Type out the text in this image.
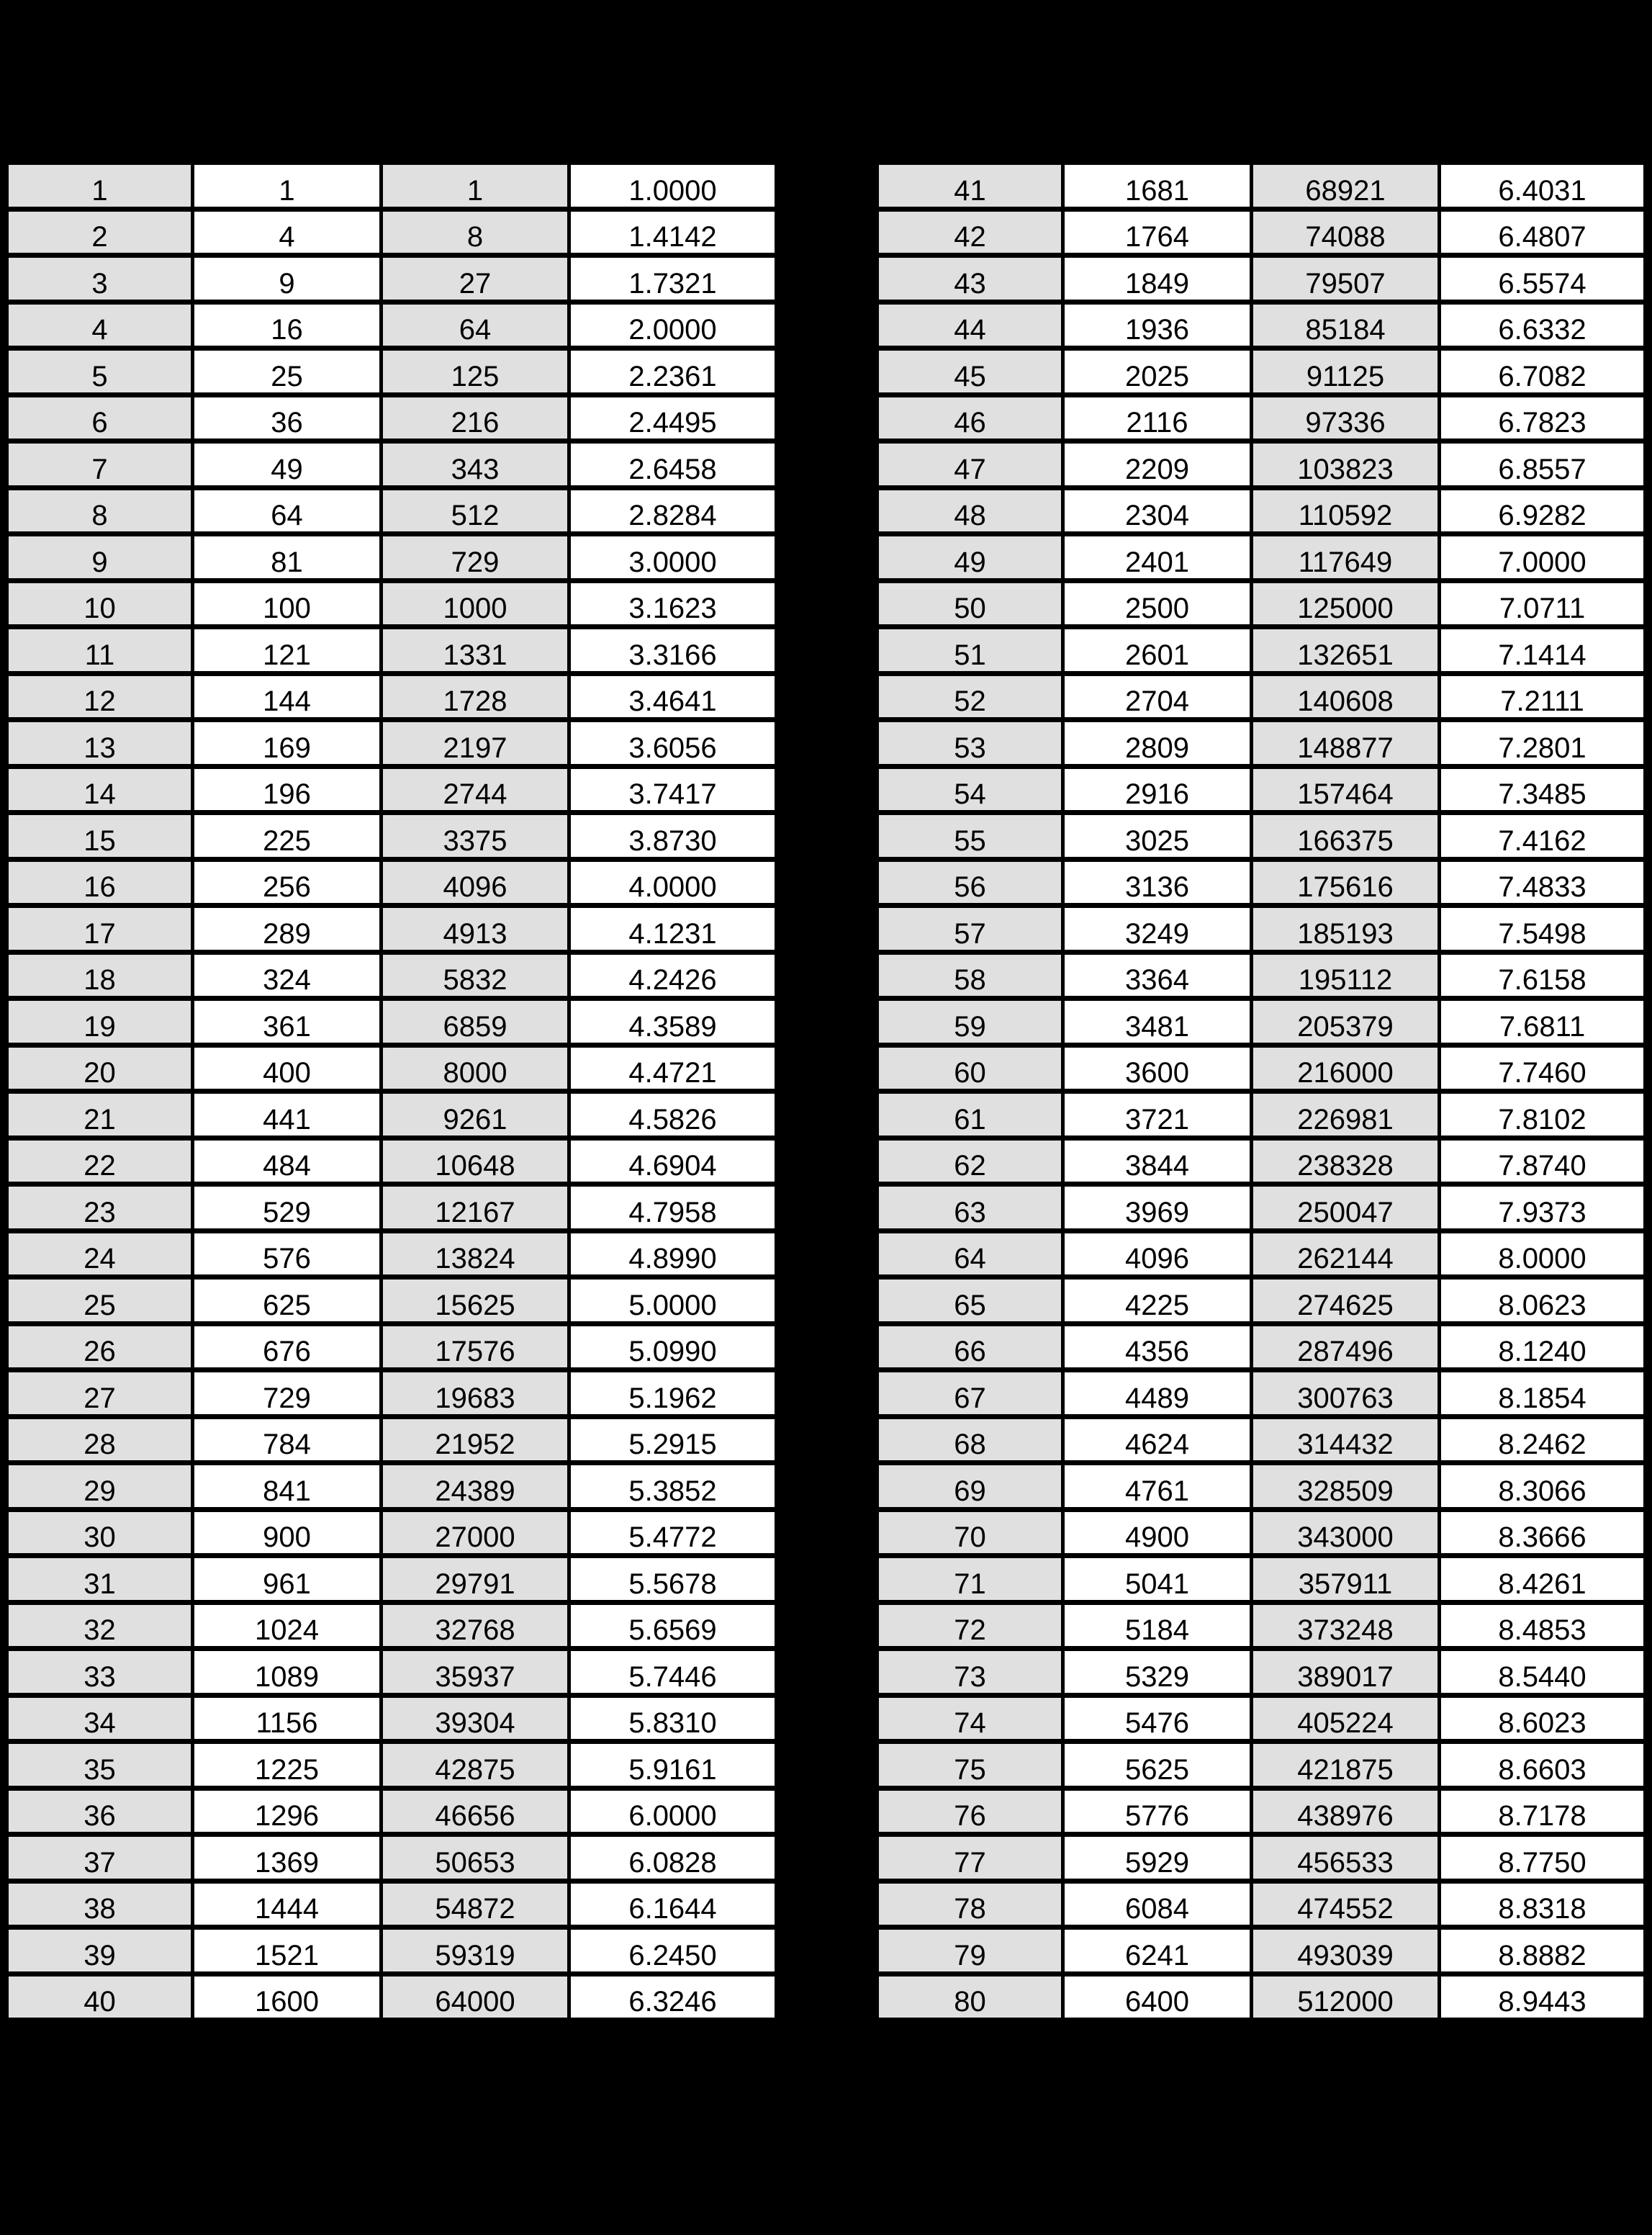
1	1	1	1.0000
2	4	8	1.4142
3	9	27	1.7321
4	16	64	2.0000
5	25	125	2.2361
6	36	216	2.4495
7	49	343	2.6458
8	64	512	2.8284
9	81	729	3.0000
10	100	1000	3.1623
11	121	1331	3.3166
12	144	1728	3.4641
13	169	2197	3.6056
14	196	2744	3.7417
15	225	3375	3.8730
16	256	4096	4.0000
17	289	4913	4.1231
18	324	5832	4.2426
19	361	6859	4.3589
20	400	8000	4.4721
21	441	9261	4.5826
22	484	10648	4.6904
23	529	12167	4.7958
24	576	13824	4.8990
25	625	15625	5.0000
26	676	17576	5.0990
27	729	19683	5.1962
28	784	21952	5.2915
29	841	24389	5.3852
30	900	27000	5.4772
31	961	29791	5.5678
32	1024	32768	5.6569
33	1089	35937	5.7446
34	1156	39304	5.8310
35	1225	42875	5.9161
36	1296	46656	6.0000
37	1369	50653	6.0828
38	1444	54872	6.1644
39	1521	59319	6.2450
40	1600	64000	6.3246
41	1681	68921	6.4031
42	1764	74088	6.4807
43	1849	79507	6.5574
44	1936	85184	6.6332
45	2025	91125	6.7082
46	2116	97336	6.7823
47	2209	103823	6.8557
48	2304	110592	6.9282
49	2401	117649	7.0000
50	2500	125000	7.0711
51	2601	132651	7.1414
52	2704	140608	7.2111
53	2809	148877	7.2801
54	2916	157464	7.3485
55	3025	166375	7.4162
56	3136	175616	7.4833
57	3249	185193	7.5498
58	3364	195112	7.6158
59	3481	205379	7.6811
60	3600	216000	7.7460
61	3721	226981	7.8102
62	3844	238328	7.8740
63	3969	250047	7.9373
64	4096	262144	8.0000
65	4225	274625	8.0623
66	4356	287496	8.1240
67	4489	300763	8.1854
68	4624	314432	8.2462
69	4761	328509	8.3066
70	4900	343000	8.3666
71	5041	357911	8.4261
72	5184	373248	8.4853
73	5329	389017	8.5440
74	5476	405224	8.6023
75	5625	421875	8.6603
76	5776	438976	8.7178
77	5929	456533	8.7750
78	6084	474552	8.8318
79	6241	493039	8.8882
80	6400	512000	8.9443
